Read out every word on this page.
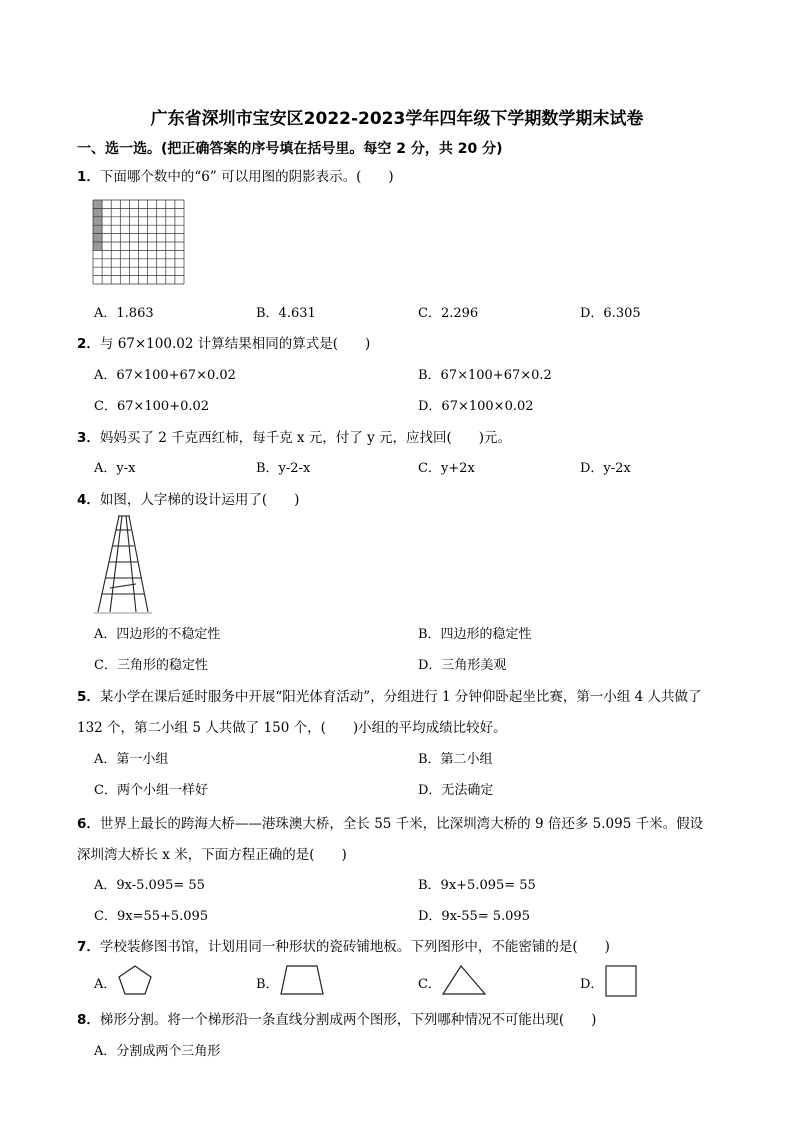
广东省深圳市宝安区2022-2023学年四年级下学期数学期末试卷
一、选一选。(把正确答案的序号填在括号里。每空 2 分，共 20 分)
1．下面哪个数中的“6” 可以用图的阴影表示。(　　)
A．1.863	B．4.631	C．2.296	D．6.305
2．与 67×100.02 计算结果相同的算式是(　　)
A．67×100+67×0.02	B．67×100+67×0.2
C．67×100+0.02	D．67×100×0.02
3．妈妈买了 2 千克西红柿，每千克 x 元，付了 y 元，应找回(　　)元。
A．y-x	B．y-2-x	C．y+2x	D．y-2x
4．如图，人字梯的设计运用了(　　)
A．四边形的不稳定性	B．四边形的稳定性
C．三角形的稳定性	D．三角形美观
5．某小学在课后延时服务中开展“阳光体育活动”，分组进行 1 分钟仰卧起坐比赛，第一小组 4 人共做了
132 个，第二小组 5 人共做了 150 个，(　　)小组的平均成绩比较好。
A．第一小组	B．第二小组
C．两个小组一样好	D．无法确定
6．世界上最长的跨海大桥——港珠澳大桥，全长 55 千米，比深圳湾大桥的 9 倍还多 5.095 千米。假设
深圳湾大桥长 x 米，下面方程正确的是(　　)
A．9x-5.095= 55	B．9x+5.095= 55
C．9x=55+5.095	D．9x-55= 5.095
7．学校装修图书馆，计划用同一种形状的瓷砖铺地板。下列图形中，不能密铺的是(　　)
A．	B．	C．	D．
8．梯形分割。将一个梯形沿一条直线分割成两个图形，下列哪种情况不可能出现(　　)
A．分割成两个三角形
